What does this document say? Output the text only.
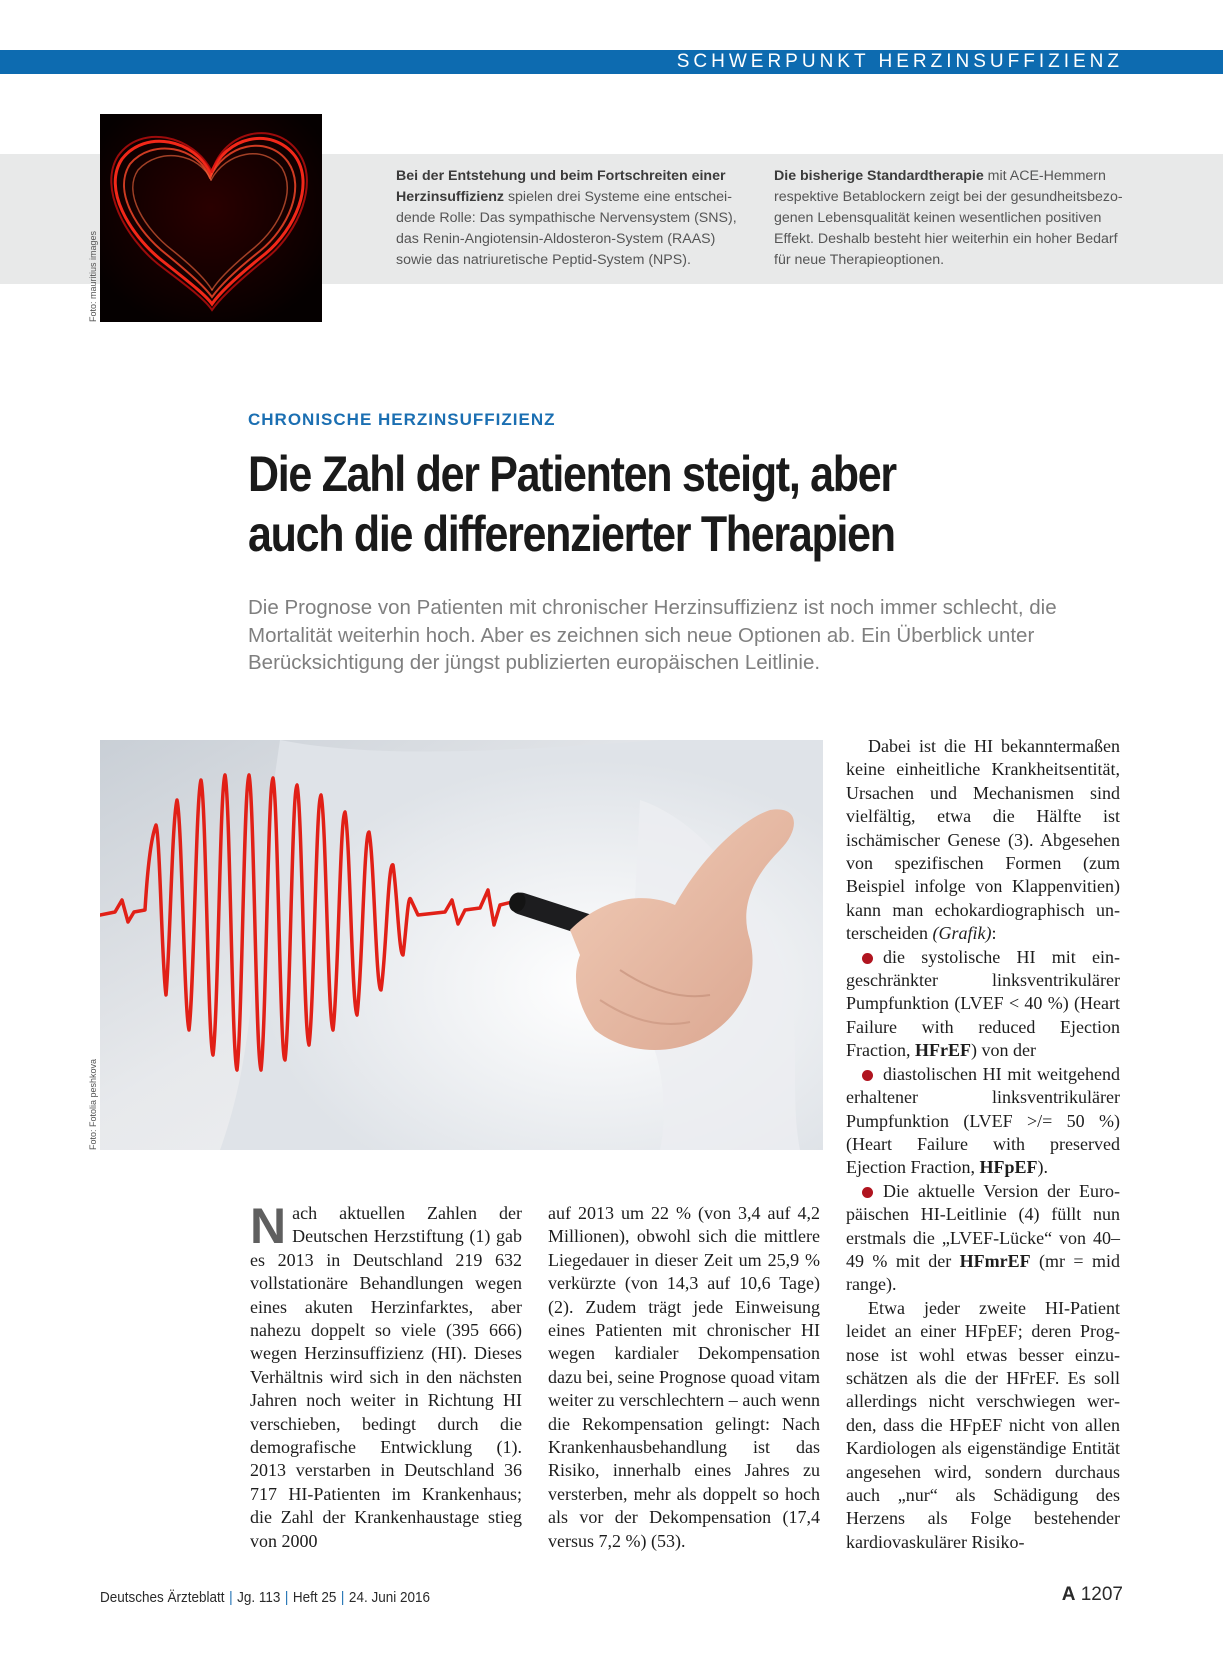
SCHWERPUNKT HERZINSUFFIZIENZ
Foto: mauritius images
Bei der Entstehung und beim Fortschreiten einer Herzinsuffizienz spielen drei Systeme eine entscheidende Rolle: Das sympathische Nervensystem (SNS), das Renin-Angiotensin-Aldosteron-System (RAAS) sowie das natriuretische Peptid-System (NPS).
Die bisherige Standardtherapie mit ACE-Hemmern respektive Betablockern zeigt bei der gesundheitsbezogenen Lebensqualität keinen wesentlichen positiven Effekt. Deshalb besteht hier weiterhin ein hoher Bedarf für neue Therapieoptionen.
CHRONISCHE HERZINSUFFIZIENZ
Die Zahl der Patienten steigt, aber
auch die differenzierter Therapien
Die Prognose von Patienten mit chronischer Herzinsuffizienz ist noch immer schlecht, die Mortalität weiterhin hoch. Aber es zeichnen sich neue Optionen ab. Ein Überblick unter Berücksichtigung der jüngst publizierten europäischen Leitlinie.
Foto: Fotolia peshkova

Nach aktuellen Zahlen der Deutschen Herzstiftung (1) gab es 2013 in Deutschland 219 632 vollstationäre Behandlungen wegen eines akuten Herzinfarktes, aber nahezu doppelt so viele (395 666) wegen Herzinsuffizienz (HI). Dieses Verhältnis wird sich in den nächsten Jahren noch weiter in Richtung HI verschieben, bedingt durch die demografische Entwicklung (1). 2013 verstarben in Deutschland 36 717 HI-Patienten im Krankenhaus; die Zahl der Krankenhaustage stieg von 2000

auf 2013 um 22 % (von 3,4 auf 4,2 Millionen), obwohl sich die mittlere Liegedauer in dieser Zeit um 25,9 % verkürzte (von 14,3 auf 10,6 Tage) (2). Zudem trägt jede Einweisung eines Patienten mit chronischer HI wegen kardialer Dekompensation dazu bei, seine Prognose quoad vitam weiter zu verschlechtern – auch wenn die Rekompensation gelingt: Nach Krankenhausbehandlung ist das Risiko, innerhalb eines Jahres zu versterben, mehr als doppelt so hoch als vor der Dekompensation (17,4 versus 7,2 %) (53).

Dabei ist die HI bekanntermaßen keine einheitliche Krankheitsentität, Ursachen und Mechanismen sind vielfältig, etwa die Hälfte ist ischämischer Genese (3). Abgesehen von spezifischen Formen (zum Beispiel infolge von Klappenvitien) kann man echokardiographisch unterscheiden (Grafik):

die systolische HI mit eingeschränkter linksventrikulärer Pumpfunktion (LVEF < 40 %) (Heart Failure with reduced Ejection Fraction, HFrEF) von der

diastolischen HI mit weitgehend erhaltener linksventrikulärer Pumpfunktion (LVEF >/= 50 %) (Heart Failure with preserved Ejection Fraction, HFpEF).

Die aktuelle Version der Europäischen HI-Leitlinie (4) füllt nun erstmals die „LVEF-Lücke“ von 40–49 % mit der HFmrEF (mr = mid range).

Etwa jeder zweite HI-Patient leidet an einer HFpEF; deren Prognose ist wohl etwas besser einzuschätzen als die der HFrEF. Es soll allerdings nicht verschwiegen werden, dass die HFpEF nicht von allen Kardiologen als eigenständige Entität angesehen wird, sondern durchaus auch „nur“ als Schädigung des Herzens als Folge bestehender kardiovaskulärer Risiko-

Deutsches Ärzteblatt | Jg. 113 | Heft 25 | 24. Juni 2016	A 1207
